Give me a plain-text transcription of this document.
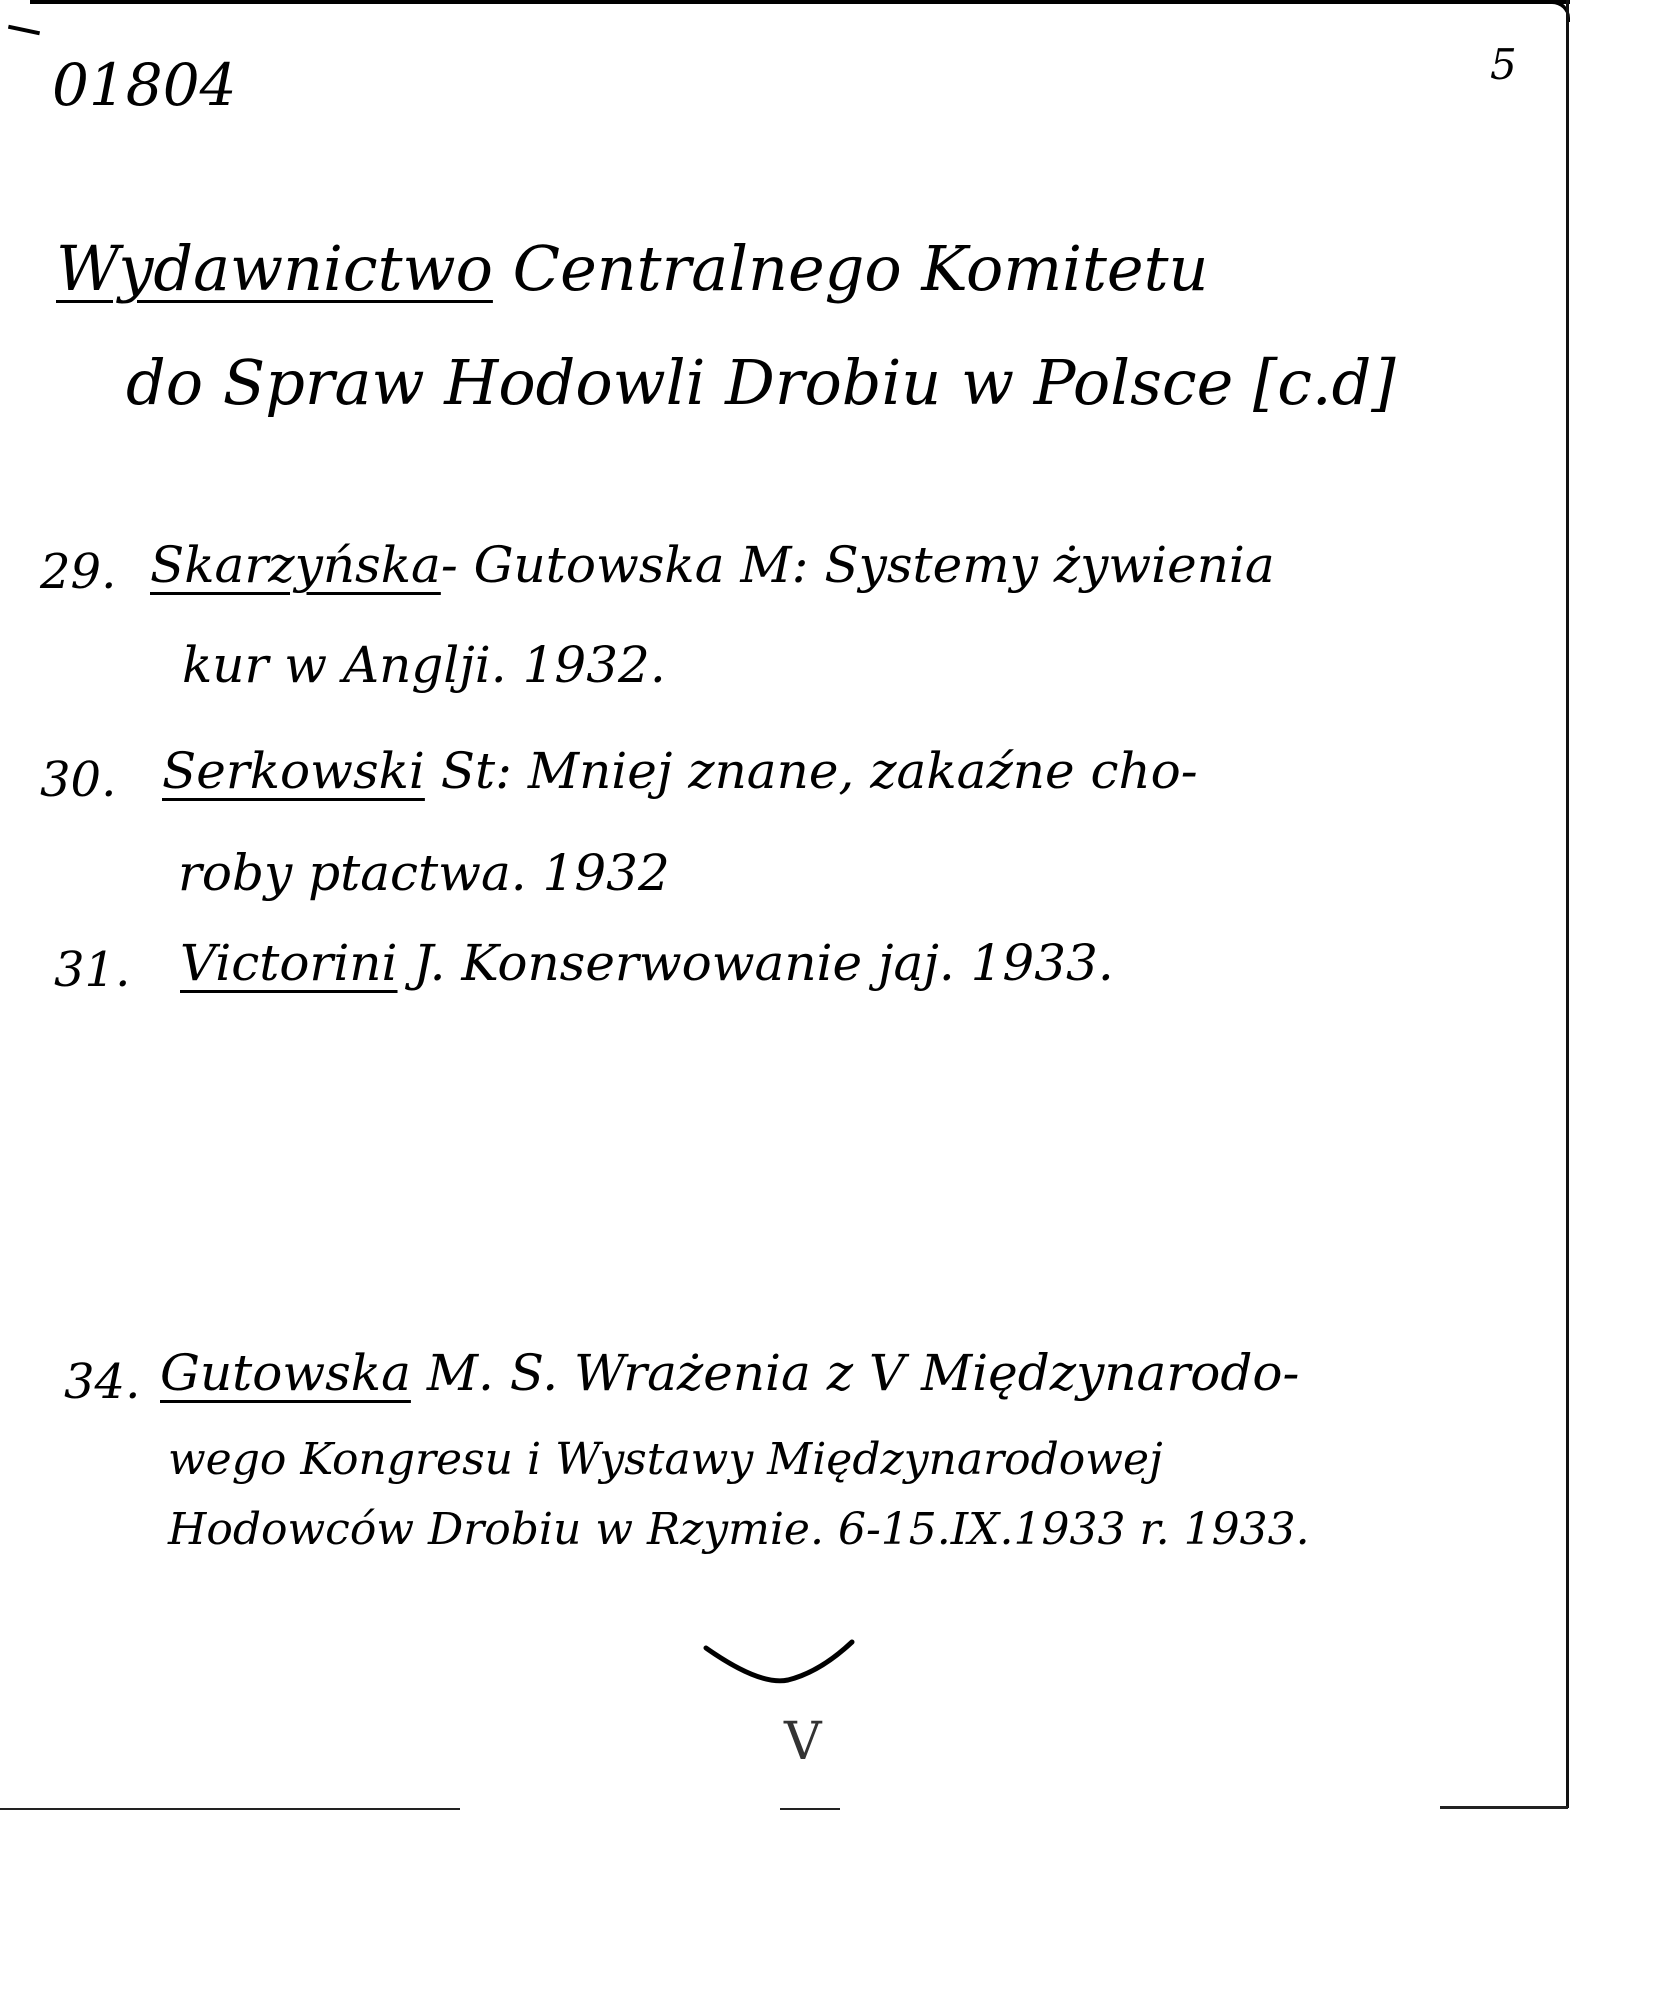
01804	5
Wydawnictwo Centralnego Komitetu
do Spraw Hodowli Drobiu w Polsce [c.d]
29. Skarzyńska- Gutowska M: Systemy żywienia
kur w Anglji. 1932.
30. Serkowski St: Mniej znane, zakaźne cho-
roby ptactwa. 1932
31. Victorini J. Konserwowanie jaj. 1933.
34. Gutowska M. S. Wrażenia z V Międzynarodo-
wego Kongresu i Wystawy Międzynarodowej
Hodowców Drobiu w Rzymie. 6-15.IX.1933 r. 1933.
V
